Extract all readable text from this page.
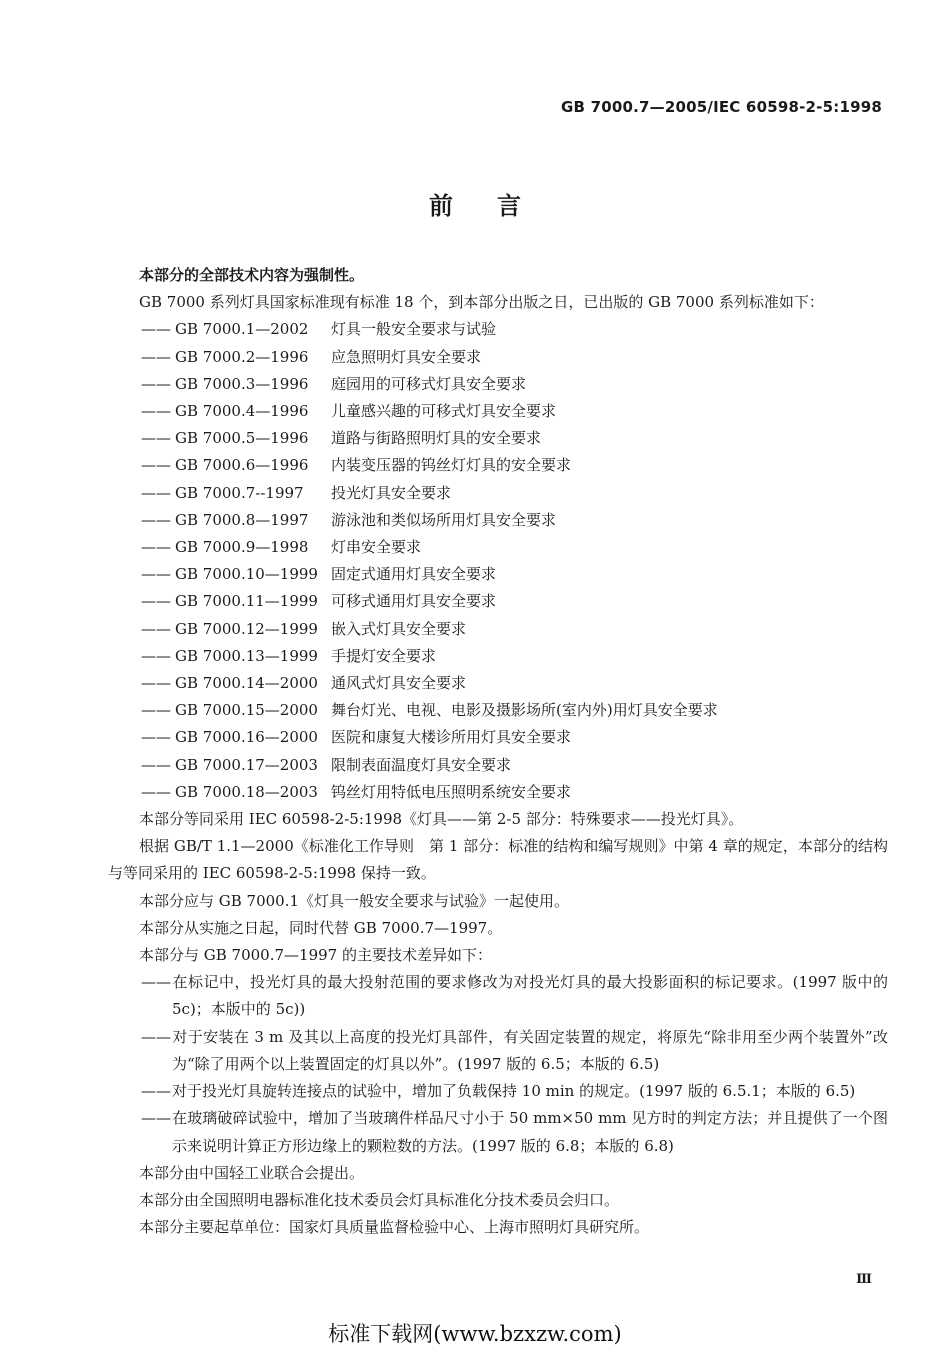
GB 7000.7—2005/IEC 60598-2-5:1998
前言

本部分的全部技术内容为强制性。

GB 7000 系列灯具国家标准现有标准 18 个，到本部分出版之日，已出版的 GB 7000 系列标准如下：

—— GB 7000.1—2002	灯具一般安全要求与试验
—— GB 7000.2—1996	应急照明灯具安全要求
—— GB 7000.3—1996	庭园用的可移式灯具安全要求
—— GB 7000.4—1996	儿童感兴趣的可移式灯具安全要求
—— GB 7000.5—1996	道路与街路照明灯具的安全要求
—— GB 7000.6—1996	内装变压器的钨丝灯灯具的安全要求
—— GB 7000.7--1997	投光灯具安全要求
—— GB 7000.8—1997	游泳池和类似场所用灯具安全要求
—— GB 7000.9—1998	灯串安全要求
—— GB 7000.10—1999 固定式通用灯具安全要求
—— GB 7000.11—1999 可移式通用灯具安全要求
—— GB 7000.12—1999 嵌入式灯具安全要求
—— GB 7000.13—1999 手提灯安全要求
—— GB 7000.14—2000 通风式灯具安全要求
—— GB 7000.15—2000 舞台灯光、电视、电影及摄影场所(室内外)用灯具安全要求
—— GB 7000.16—2000 医院和康复大楼诊所用灯具安全要求
—— GB 7000.17—2003 限制表面温度灯具安全要求
—— GB 7000.18—2003 钨丝灯用特低电压照明系统安全要求

本部分等同采用 IEC 60598-2-5:1998《灯具——第 2-5 部分：特殊要求——投光灯具》。

根据 GB/T 1.1—2000《标准化工作导则　第 1 部分：标准的结构和编写规则》中第 4 章的规定，本部分的结构与等同采用的 IEC 60598-2-5:1998 保持一致。

本部分应与 GB 7000.1《灯具一般安全要求与试验》一起使用。

本部分从实施之日起，同时代替 GB 7000.7—1997。

本部分与 GB 7000.7—1997 的主要技术差异如下：

——在标记中，投光灯具的最大投射范围的要求修改为对投光灯具的最大投影面积的标记要求。(1997 版中的 5c)；本版中的 5c))

——对于安装在 3 m 及其以上高度的投光灯具部件，有关固定装置的规定，将原先“除非用至少两个装置外”改为“除了用两个以上装置固定的灯具以外”。(1997 版的 6.5；本版的 6.5)

——对于投光灯具旋转连接点的试验中，增加了负载保持 10 min 的规定。(1997 版的 6.5.1；本版的 6.5)

——在玻璃破碎试验中，增加了当玻璃件样品尺寸小于 50 mm×50 mm 见方时的判定方法；并且提供了一个图示来说明计算正方形边缘上的颗粒数的方法。(1997 版的 6.8；本版的 6.8)

本部分由中国轻工业联合会提出。

本部分由全国照明电器标准化技术委员会灯具标准化分技术委员会归口。

本部分主要起草单位：国家灯具质量监督检验中心、上海市照明灯具研究所。

Ⅲ
标准下载网(www.bzxzw.com)
